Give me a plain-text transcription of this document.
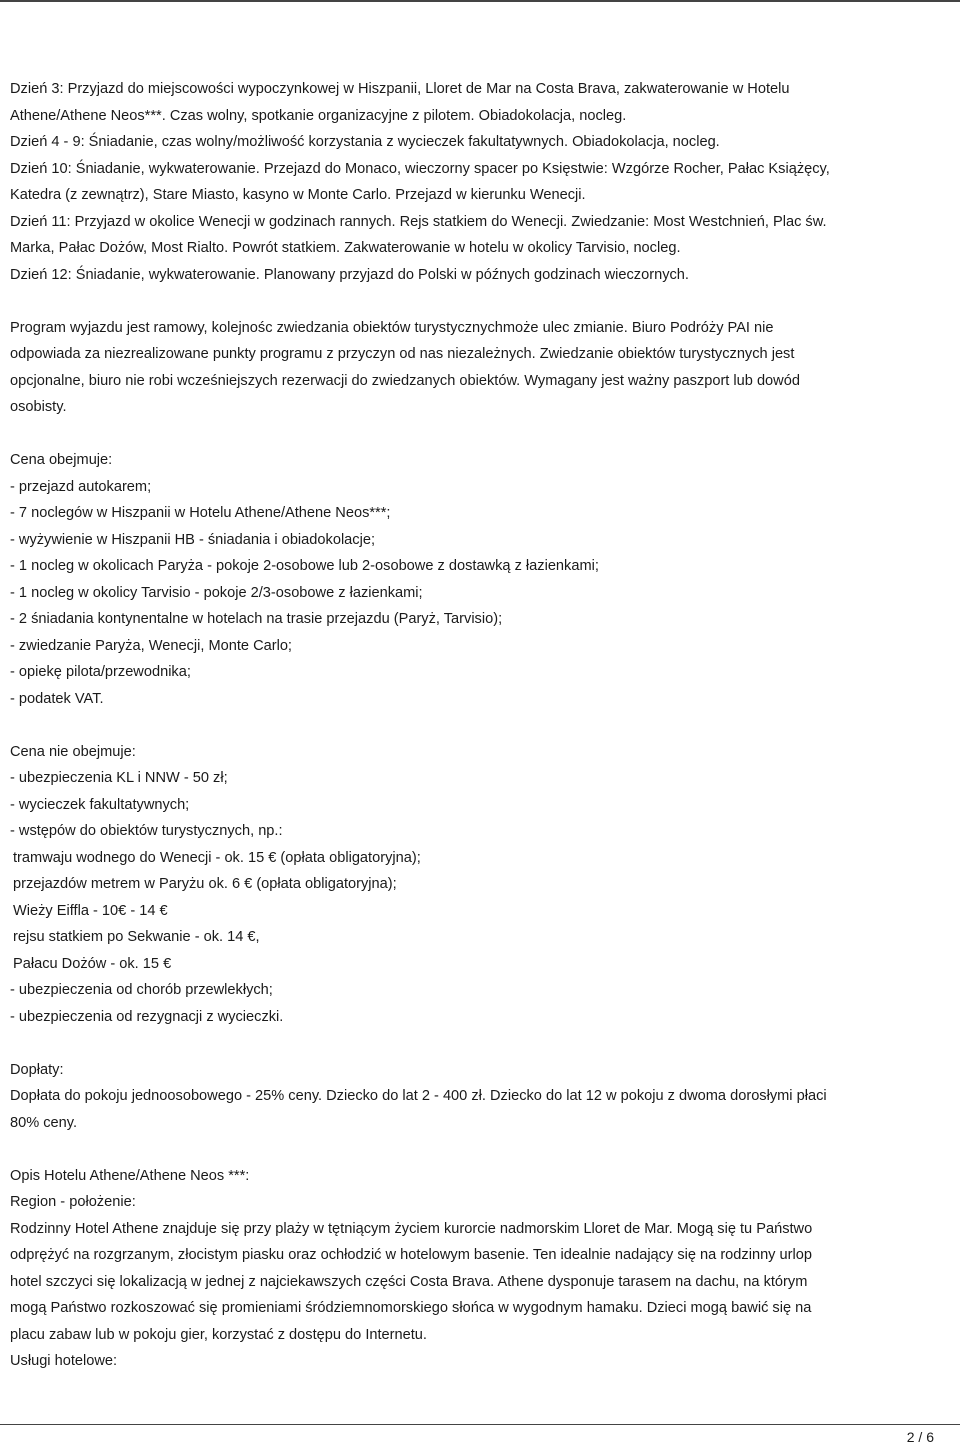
Dzień 3: Przyjazd do miejscowości wypoczynkowej w Hiszpanii, Lloret de Mar na Costa Brava, zakwaterowanie w Hotelu
Athene/Athene Neos***. Czas wolny, spotkanie organizacyjne z pilotem. Obiadokolacja, nocleg.
Dzień 4 - 9: Śniadanie, czas wolny/możliwość korzystania z wycieczek fakultatywnych. Obiadokolacja, nocleg.
Dzień 10: Śniadanie, wykwaterowanie. Przejazd do Monaco, wieczorny spacer po Księstwie: Wzgórze Rocher, Pałac Książęcy,
Katedra (z zewnątrz), Stare Miasto, kasyno w Monte Carlo. Przejazd w kierunku Wenecji.
Dzień 11: Przyjazd w okolice Wenecji w godzinach rannych. Rejs statkiem do Wenecji. Zwiedzanie: Most Westchnień, Plac św.
Marka, Pałac Dożów, Most Rialto. Powrót statkiem. Zakwaterowanie w hotelu w okolicy Tarvisio, nocleg.
Dzień 12: Śniadanie, wykwaterowanie. Planowany przyjazd do Polski w późnych godzinach wieczornych.
Program wyjazdu jest ramowy, kolejnośc zwiedzania obiektów turystycznychmoże ulec zmianie. Biuro Podróży PAI nie
odpowiada za niezrealizowane punkty programu z przyczyn od nas niezależnych. Zwiedzanie obiektów turystycznych jest
opcjonalne, biuro nie robi wcześniejszych rezerwacji do zwiedzanych obiektów. Wymagany jest ważny paszport lub dowód
osobisty.
Cena obejmuje:
- przejazd autokarem;
- 7 noclegów w Hiszpanii w Hotelu Athene/Athene Neos***;
- wyżywienie w Hiszpanii HB - śniadania i obiadokolacje;
- 1 nocleg w okolicach Paryża - pokoje 2-osobowe lub 2-osobowe z dostawką z łazienkami;
- 1 nocleg w okolicy Tarvisio - pokoje 2/3-osobowe z łazienkami;
- 2 śniadania kontynentalne w hotelach na trasie przejazdu (Paryż, Tarvisio);
- zwiedzanie Paryża, Wenecji, Monte Carlo;
- opiekę pilota/przewodnika;
- podatek VAT.
Cena nie obejmuje:
- ubezpieczenia KL i NNW - 50 zł;
- wycieczek fakultatywnych;
- wstępów do obiektów turystycznych, np.:
tramwaju wodnego do Wenecji - ok. 15 € (opłata obligatoryjna);
przejazdów metrem w Paryżu ok. 6 € (opłata obligatoryjna);
Wieży Eiffla - 10€ - 14 €
rejsu statkiem po Sekwanie - ok. 14 €,
Pałacu Dożów - ok. 15 €
- ubezpieczenia od chorób przewlekłych;
- ubezpieczenia od rezygnacji z wycieczki.
Dopłaty:
Dopłata do pokoju jednoosobowego - 25% ceny. Dziecko do lat 2 - 400 zł. Dziecko do lat 12 w pokoju z dwoma dorosłymi płaci
80% ceny.
Opis Hotelu Athene/Athene Neos ***:
Region - położenie:
Rodzinny Hotel Athene znajduje się przy plaży w tętniącym życiem kurorcie nadmorskim Lloret de Mar. Mogą się tu Państwo
odprężyć na rozgrzanym, złocistym piasku oraz ochłodzić w hotelowym basenie. Ten idealnie nadający się na rodzinny urlop
hotel szczyci się lokalizacją w jednej z najciekawszych części Costa Brava. Athene dysponuje tarasem na dachu, na którym
mogą Państwo rozkoszować się promieniami śródziemnomorskiego słońca w wygodnym hamaku. Dzieci mogą bawić się na
placu zabaw lub w pokoju gier, korzystać z dostępu do Internetu.
Usługi hotelowe:
2 / 6
